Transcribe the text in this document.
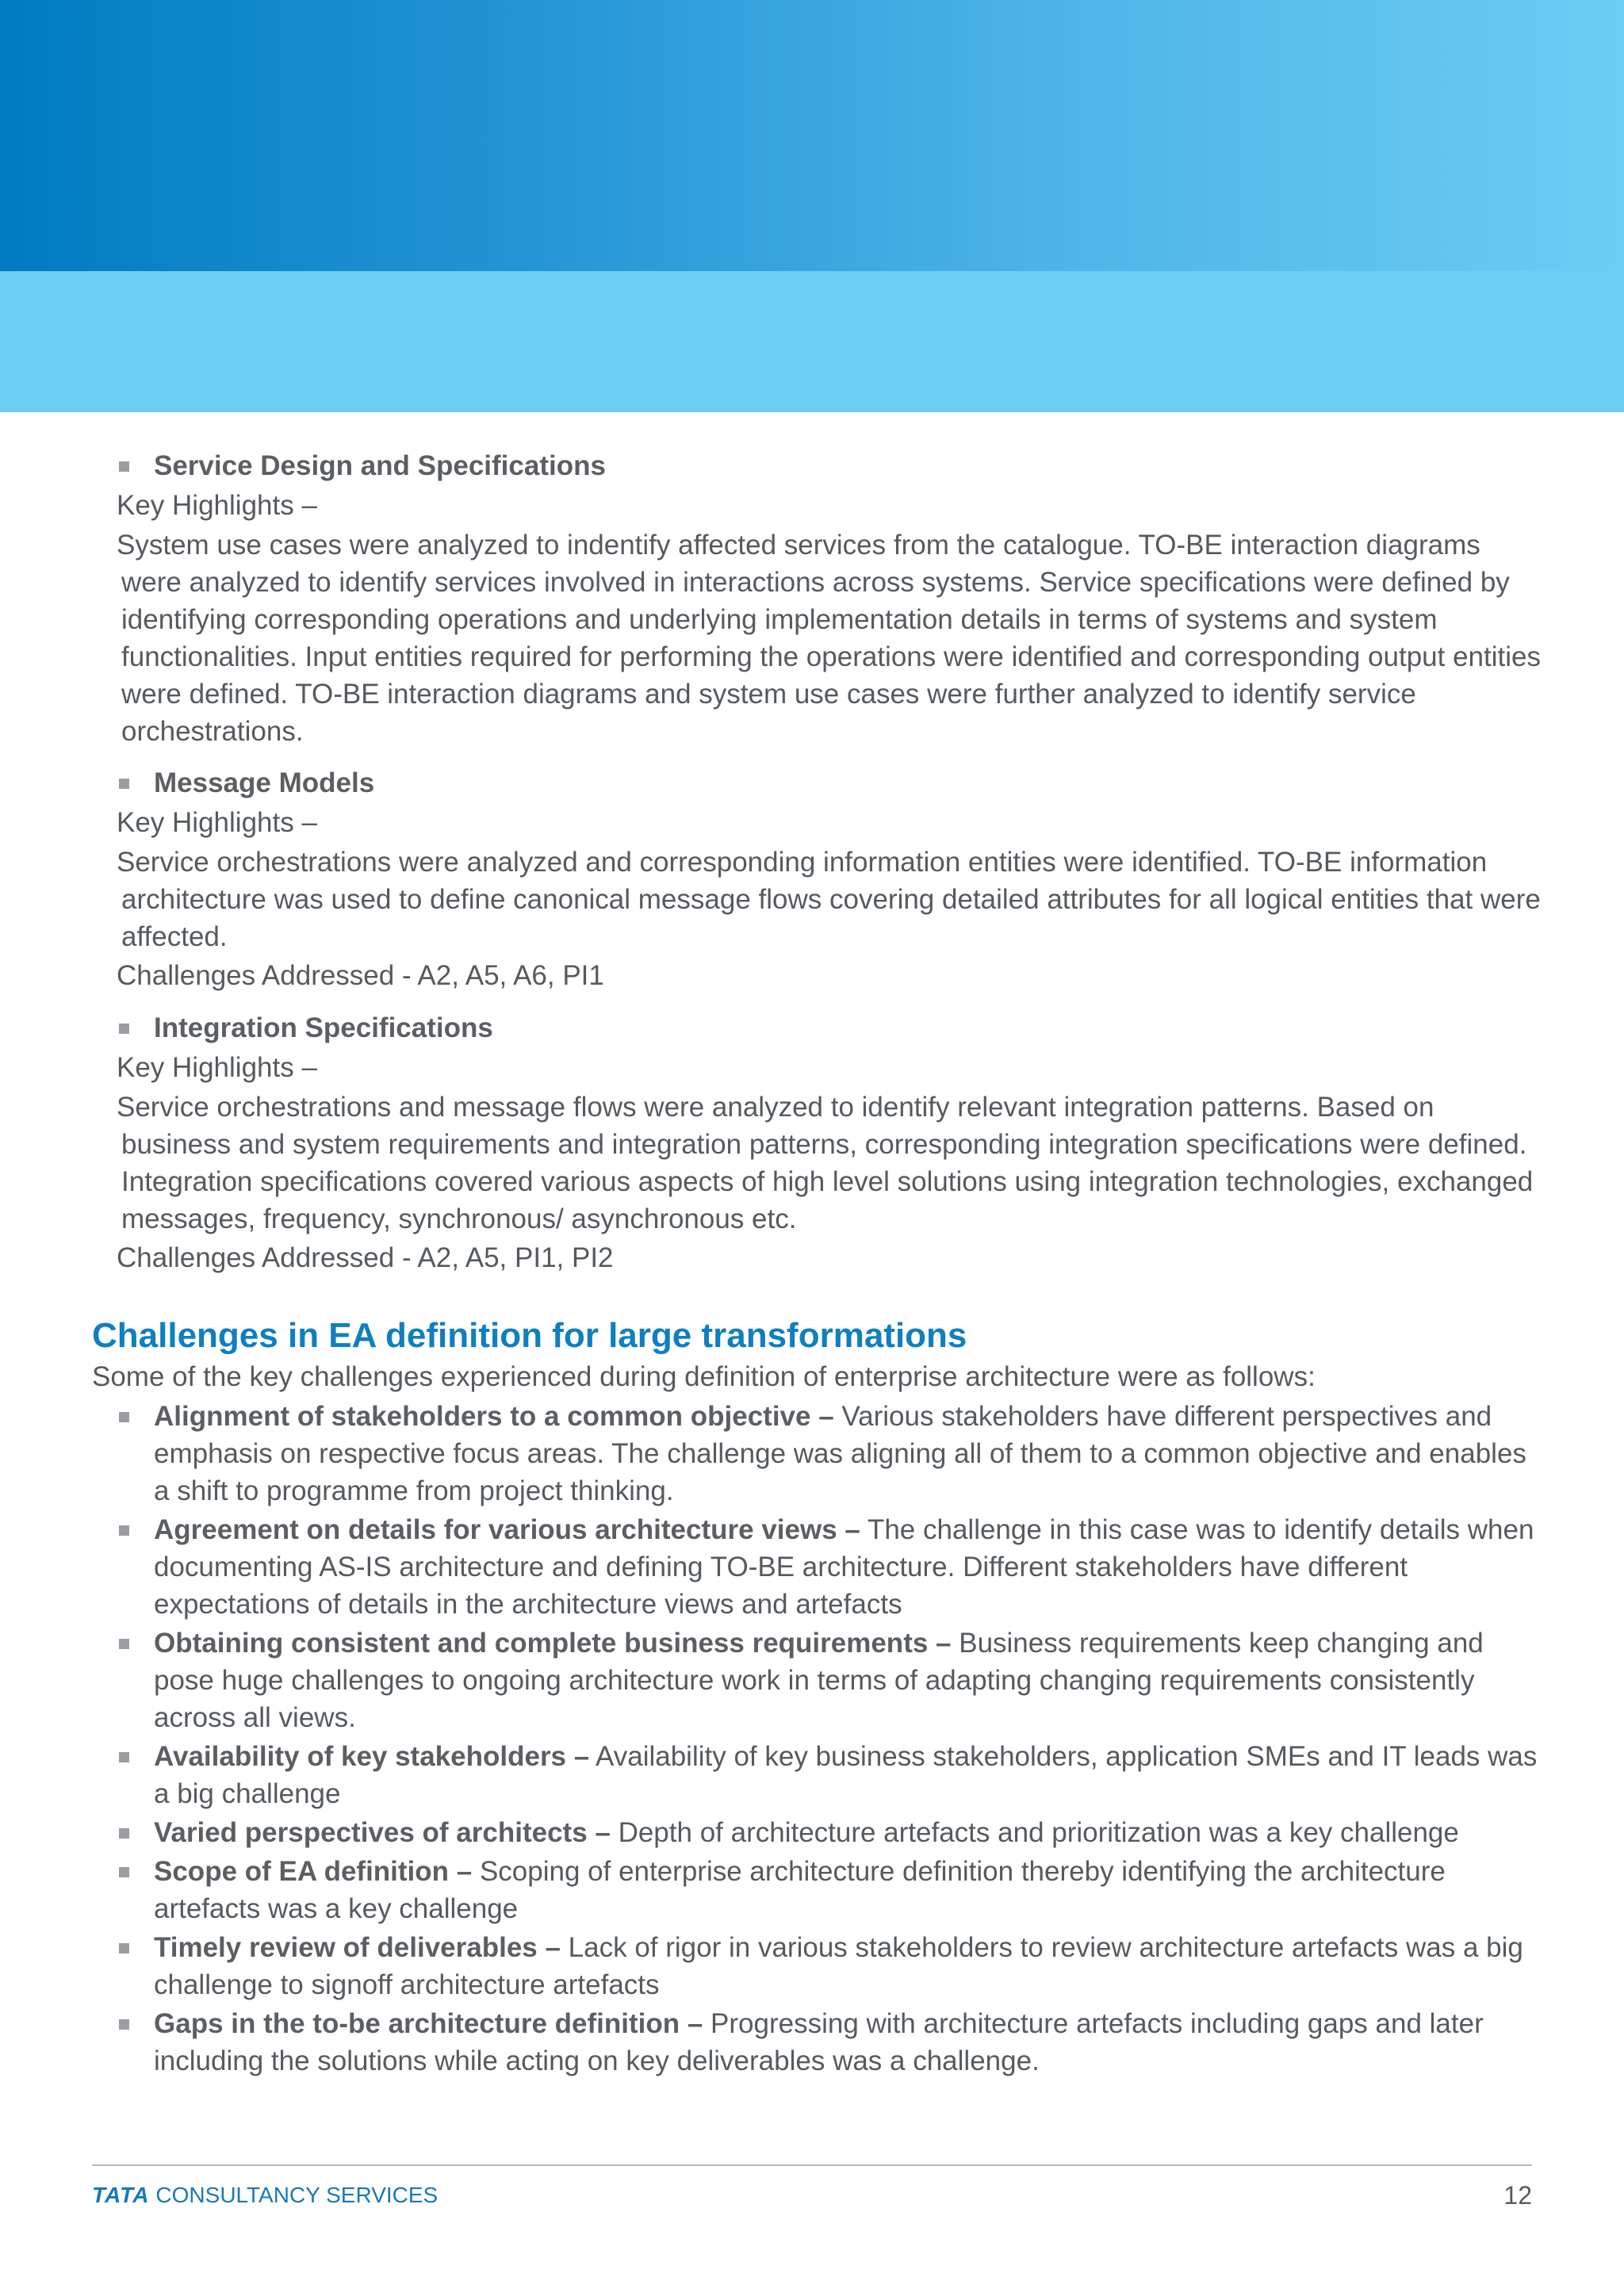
Service Design and Specifications
Key Highlights –
System use cases were analyzed to indentify affected services from the catalogue. TO-BE interaction diagrams were analyzed to identify services involved in interactions across systems. Service specifications were defined by identifying corresponding operations and underlying implementation details in terms of systems and system functionalities. Input entities required for performing the operations were identified and corresponding output entities were defined. TO-BE interaction diagrams and system use cases were further analyzed to identify service orchestrations.
Message Models
Key Highlights –
Service orchestrations were analyzed and corresponding information entities were identified. TO-BE information architecture was used to define canonical message flows covering detailed attributes for all logical entities that were affected.
Challenges Addressed - A2, A5, A6, PI1
Integration Specifications
Key Highlights –
Service orchestrations and message flows were analyzed to identify relevant integration patterns. Based on business and system requirements and integration patterns, corresponding integration specifications were defined. Integration specifications covered various aspects of high level solutions using integration technologies, exchanged messages, frequency, synchronous/ asynchronous etc.
Challenges Addressed - A2, A5, PI1, PI2
Challenges in EA definition for large transformations
Some of the key challenges experienced during definition of enterprise architecture were as follows:
Alignment of stakeholders to a common objective – Various stakeholders have different perspectives and emphasis on respective focus areas. The challenge was aligning all of them to a common objective and enables a shift to programme from project thinking.
Agreement on details for various architecture views – The challenge in this case was to identify details when documenting AS-IS architecture and defining TO-BE architecture. Different stakeholders have different expectations of details in the architecture views and artefacts
Obtaining consistent and complete business requirements – Business requirements keep changing and pose huge challenges to ongoing architecture work in terms of adapting changing requirements consistently across all views.
Availability of key stakeholders – Availability of key business stakeholders, application SMEs and IT leads was a big challenge
Varied perspectives of architects – Depth of architecture artefacts and prioritization was a key challenge
Scope of EA definition – Scoping of enterprise architecture definition thereby identifying the architecture artefacts was a key challenge
Timely review of deliverables – Lack of rigor in various stakeholders to review architecture artefacts was a big challenge to signoff architecture artefacts
Gaps in the to-be architecture definition – Progressing with architecture artefacts including gaps and later including the solutions while acting on key deliverables was a challenge.
TATA CONSULTANCY SERVICES	12
